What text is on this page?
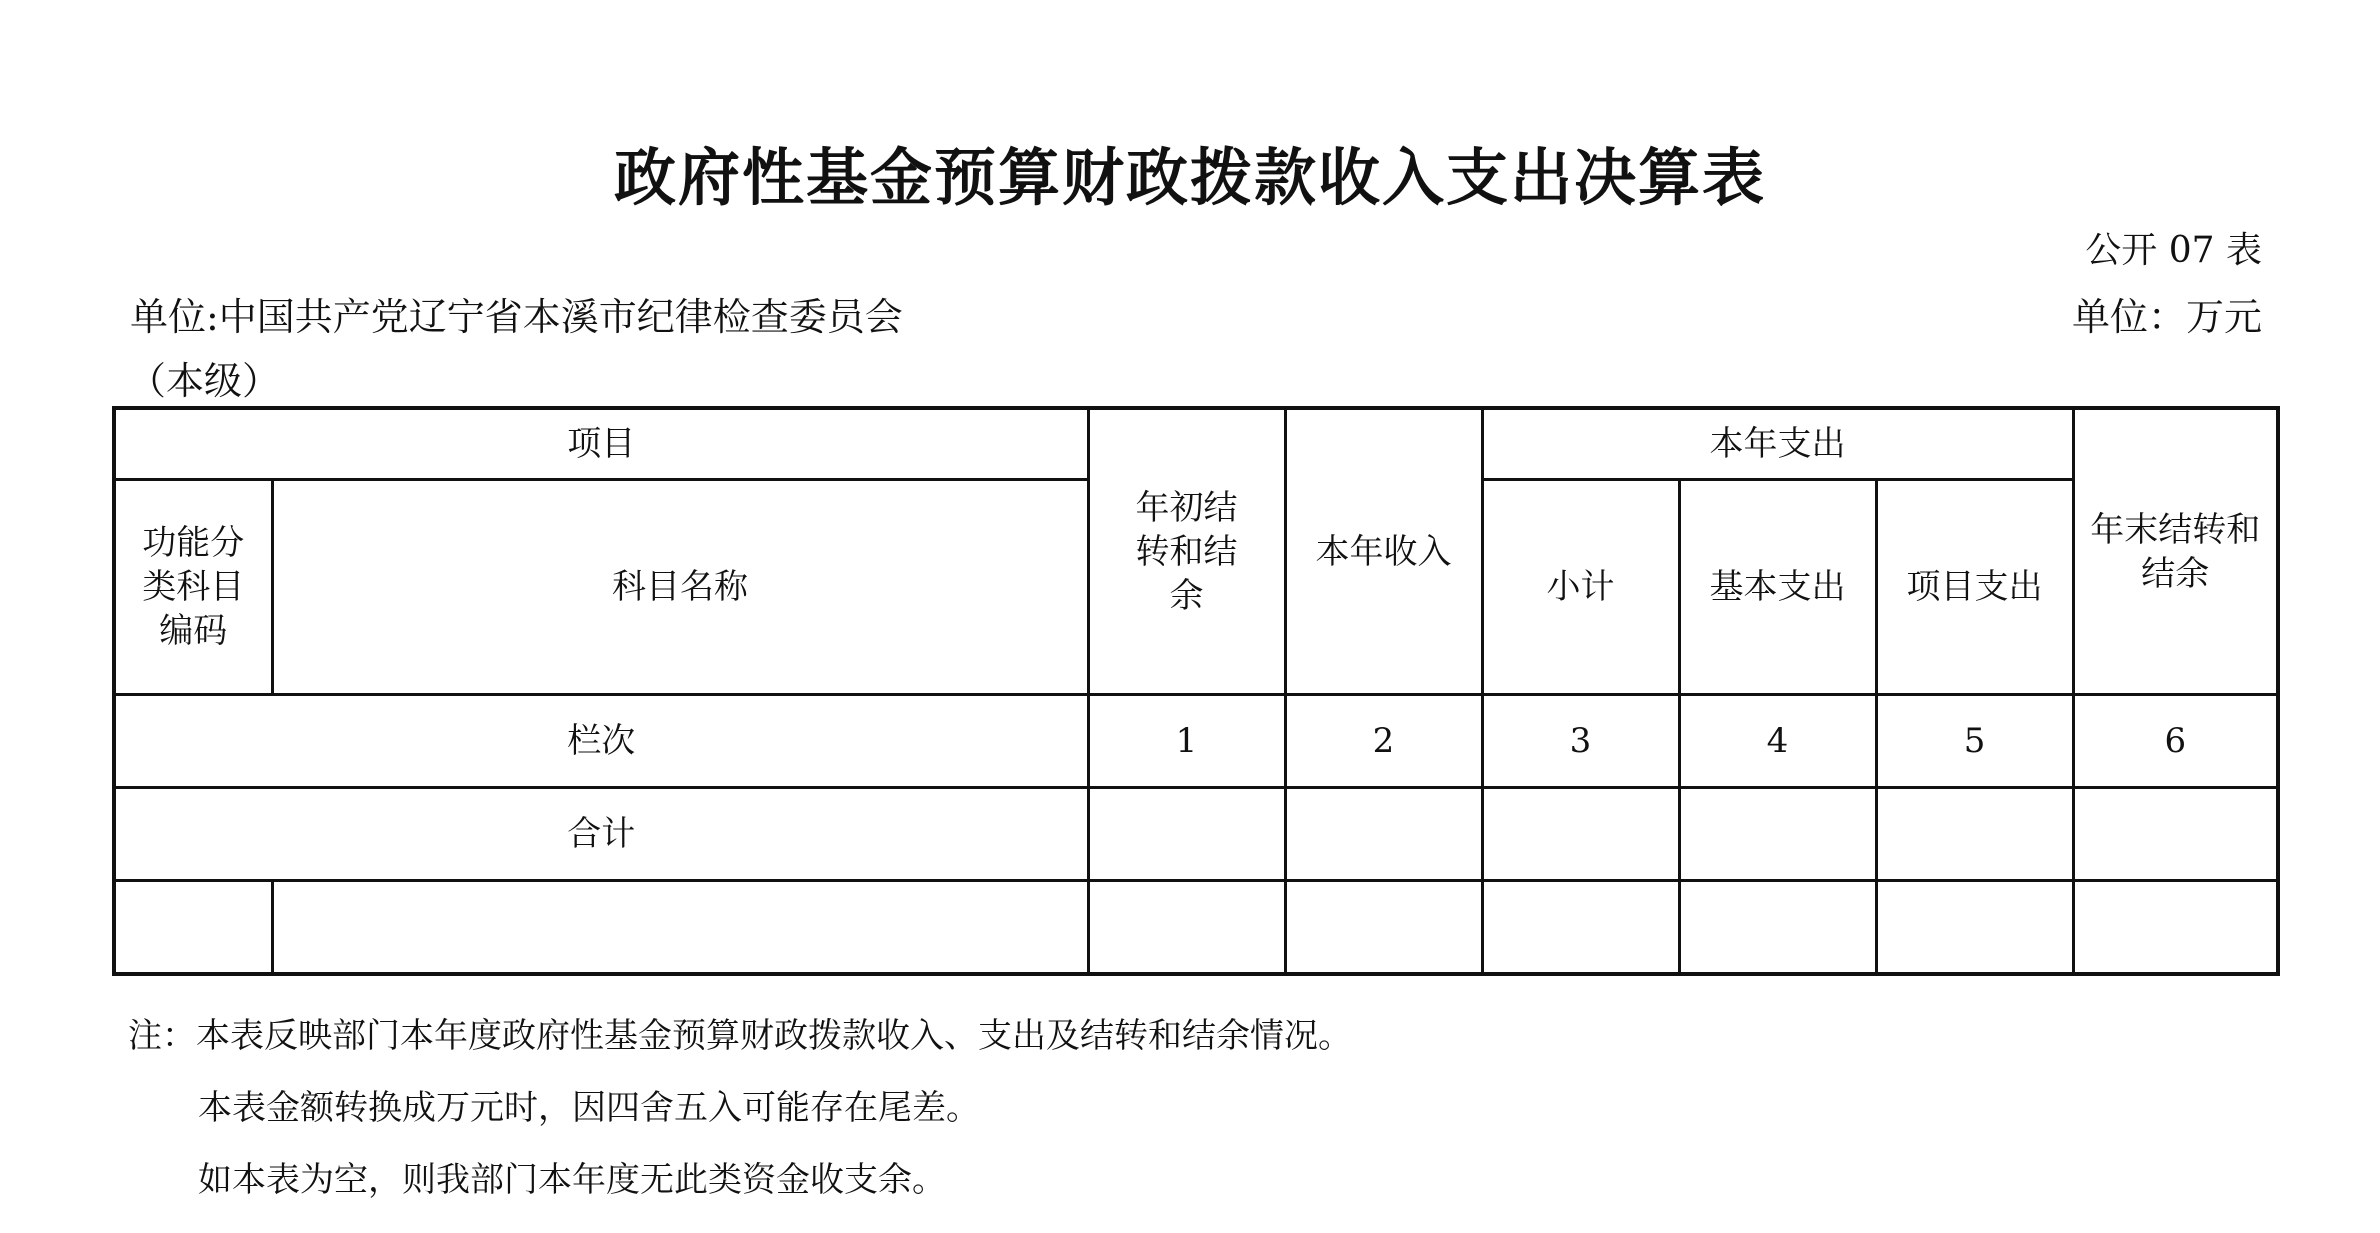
政府性基金预算财政拨款收入支出决算表
公开 07 表
单位:中国共产党辽宁省本溪市纪律检查委员会
（本级）
单位：万元
项目		年初结转和结余	本年收入	本年支出			年末结转和结余

功能分类科目编码	科目名称			小计	基本支出	项目支出	
栏次		1	2	3	4	5	6
合计							

注：本表反映部门本年度政府性基金预算财政拨款收入、支出及结转和结余情况。
本表金额转换成万元时，因四舍五入可能存在尾差。
如本表为空，则我部门本年度无此类资金收支余。
